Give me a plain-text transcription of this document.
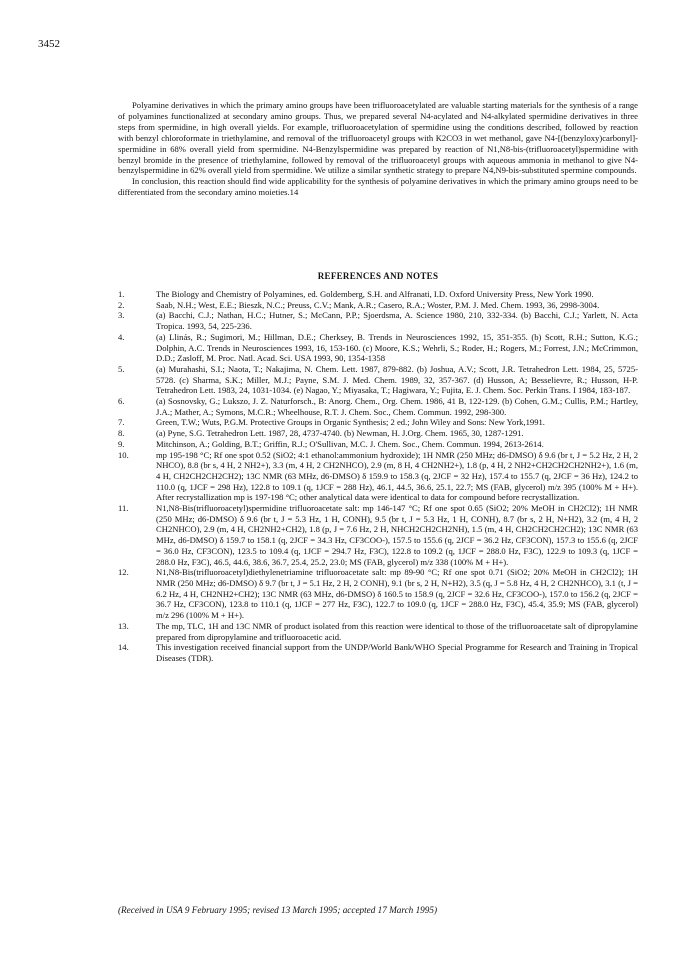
3452

Polyamine derivatives in which the primary amino groups have been trifluoroacetylated are valuable starting materials for the synthesis of a range of polyamines functionalized at secondary amino groups. Thus, we prepared several N4-acylated and N4-alkylated spermidine derivatives in three steps from spermidine, in high overall yields. For example, trifluoroacetylation of spermidine using the conditions described, followed by reaction with benzyl chloroformate in triethylamine, and removal of the trifluoroacetyl groups with K2CO3 in wet methanol, gave N4-[(benzyloxy)carbonyl]-spermidine in 68% overall yield from spermidine. N4-Benzylspermidine was prepared by reaction of N1,N8-bis-(trifluoroacetyl)spermidine with benzyl bromide in the presence of triethylamine, followed by removal of the trifluoroacetyl groups with aqueous ammonia in methanol to give N4-benzylspermidine in 62% overall yield from spermidine. We utilize a similar synthetic strategy to prepare N4,N9-bis-substituted spermine compounds.

In conclusion, this reaction should find wide applicability for the synthesis of polyamine derivatives in which the primary amino groups need to be differentiated from the secondary amino moieties.14

REFERENCES AND NOTES
1.	The Biology and Chemistry of Polyamines, ed. Goldemberg, S.H. and Alfranati, I.D. Oxford University Press, New York 1990.
2.	Saab, N.H.; West, E.E.; Bieszk, N.C.; Preuss, C.V.; Mank, A.R.; Casero, R.A.; Woster, P.M. J. Med. Chem. 1993, 36, 2998-3004.
3.	(a) Bacchi, C.J.; Nathan, H.C.; Hutner, S.; McCann, P.P.; Sjoerdsma, A. Science 1980, 210, 332-334. (b) Bacchi, C.J.; Yarlett, N. Acta Tropica. 1993, 54, 225-236.
4.	(a) Llinás, R.; Sugimori, M.; Hillman, D.E.; Cherksey, B. Trends in Neurosciences 1992, 15, 351-355. (b) Scott, R.H.; Sutton, K.G.; Dolphin, A.C. Trends in Neurosciences 1993, 16, 153-160. (c) Moore, K.S.; Wehrli, S.; Roder, H.; Rogers, M.; Forrest, J.N.; McCrimmon, D.D.; Zasloff, M. Proc. Natl. Acad. Sci. USA 1993, 90, 1354-1358
5.	(a) Murahashi, S.I.; Naota, T.; Nakajima, N. Chem. Lett. 1987, 879-882. (b) Joshua, A.V.; Scott, J.R. Tetrahedron Lett. 1984, 25, 5725-5728. (c) Sharma, S.K.; Miller, M.J.; Payne, S.M. J. Med. Chem. 1989, 32, 357-367. (d) Husson, A; Besselievre, R.; Husson, H-P. Tetrahedron Lett. 1983, 24, 1031-1034. (e) Nagao, Y.; Miyasaka, T.; Hagiwara, Y.; Fujita, E. J. Chem. Soc. Perkin Trans. I 1984, 183-187.
6.	(a) Sosnovsky, G.; Lukszo, J. Z. Naturforsch., B: Anorg. Chem., Org. Chem. 1986, 41 B, 122-129. (b) Cohen, G.M.; Cullis, P.M.; Hartley, J.A.; Mather, A.; Symons, M.C.R.; Wheelhouse, R.T. J. Chem. Soc., Chem. Commun. 1992, 298-300.
7.	Green, T.W.; Wuts, P.G.M. Protective Groups in Organic Synthesis; 2 ed.; John Wiley and Sons: New York,1991.
8.	(a) Pyne, S.G. Tetrahedron Lett. 1987, 28, 4737-4740. (b) Newman, H. J.Org. Chem. 1965, 30, 1287-1291.
9.	Mitchinson, A.; Golding, B.T.; Griffin, R.J.; O'Sullivan, M.C. J. Chem. Soc., Chem. Commun. 1994, 2613-2614.
10.	mp 195-198 °C; Rf one spot 0.52 (SiO2; 4:1 ethanol:ammonium hydroxide); 1H NMR (250 MHz; d6-DMSO) δ 9.6 (br t, J = 5.2 Hz, 2 H, 2 NHCO), 8.8 (br s, 4 H, 2 NH2+), 3.3 (m, 4 H, 2 CH2NHCO), 2.9 (m, 8 H, 4 CH2NH2+), 1.8 (p, 4 H, 2 NH2+CH2CH2CH2NH2+), 1.6 (m, 4 H, CH2CH2CH2CH2); 13C NMR (63 MHz, d6-DMSO) δ 159.9 to 158.3 (q, 2JCF = 32 Hz), 157.4 to 155.7 (q, 2JCF = 36 Hz), 124.2 to 110.0 (q, 1JCF = 298 Hz), 122.8 to 109.1 (q, 1JCF = 288 Hz), 46.1, 44.5, 36.6, 25.1, 22.7; MS (FAB, glycerol) m/z 395 (100% M + H+). After recrystallization mp is 197-198 °C; other analytical data were identical to data for compound before recrystallization.
11.	N1,N8-Bis(trifluoroacetyl)spermidine trifluoroacetate salt: mp 146-147 °C; Rf one spot 0.65 (SiO2; 20% MeOH in CH2Cl2); 1H NMR (250 MHz; d6-DMSO) δ 9.6 (br t, J = 5.3 Hz, 1 H, CONH), 9.5 (br t, J = 5.3 Hz, 1 H, CONH), 8.7 (br s, 2 H, N+H2), 3.2 (m, 4 H, 2 CH2NHCO), 2.9 (m, 4 H, CH2NH2+CH2), 1.8 (p, J = 7.6 Hz, 2 H, NHCH2CH2CH2NH), 1.5 (m, 4 H, CH2CH2CH2CH2); 13C NMR (63 MHz, d6-DMSO) δ 159.7 to 158.1 (q, 2JCF = 34.3 Hz, CF3COO-), 157.5 to 155.6 (q, 2JCF = 36.2 Hz, CF3CON), 157.3 to 155.6 (q, 2JCF = 36.0 Hz, CF3CON), 123.5 to 109.4 (q, 1JCF = 294.7 Hz, F3C), 122.8 to 109.2 (q, 1JCF = 288.0 Hz, F3C), 122.9 to 109.3 (q, 1JCF = 288.0 Hz, F3C), 46.5, 44.6, 38.6, 36.7, 25.4, 25.2, 23.0; MS (FAB, glycerol) m/z 338 (100% M + H+).
12.	N1,N8-Bis(trifluoroacetyl)diethylenetriamine trifluoroacetate salt: mp 89-90 °C; Rf one spot 0.71 (SiO2; 20% MeOH in CH2Cl2); 1H NMR (250 MHz; d6-DMSO) δ 9.7 (br t, J = 5.1 Hz, 2 H, 2 CONH), 9.1 (br s, 2 H, N+H2), 3.5 (q, J = 5.8 Hz, 4 H, 2 CH2NHCO), 3.1 (t, J = 6.2 Hz, 4 H, CH2NH2+CH2); 13C NMR (63 MHz, d6-DMSO) δ 160.5 to 158.9 (q, 2JCF = 32.6 Hz, CF3COO-), 157.0 to 156.2 (q, 2JCF = 36.7 Hz, CF3CON), 123.8 to 110.1 (q, 1JCF = 277 Hz, F3C), 122.7 to 109.0 (q, 1JCF = 288.0 Hz, F3C), 45.4, 35.9; MS (FAB, glycerol) m/z 296 (100% M + H+).
13.	The mp, TLC, 1H and 13C NMR of product isolated from this reaction were identical to those of the trifluoroacetate salt of dipropylamine prepared from dipropylamine and trifluoroacetic acid.
14.	This investigation received financial support from the UNDP/World Bank/WHO Special Programme for Research and Training in Tropical Diseases (TDR).
(Received in USA 9 February 1995; revised 13 March 1995; accepted 17 March 1995)
